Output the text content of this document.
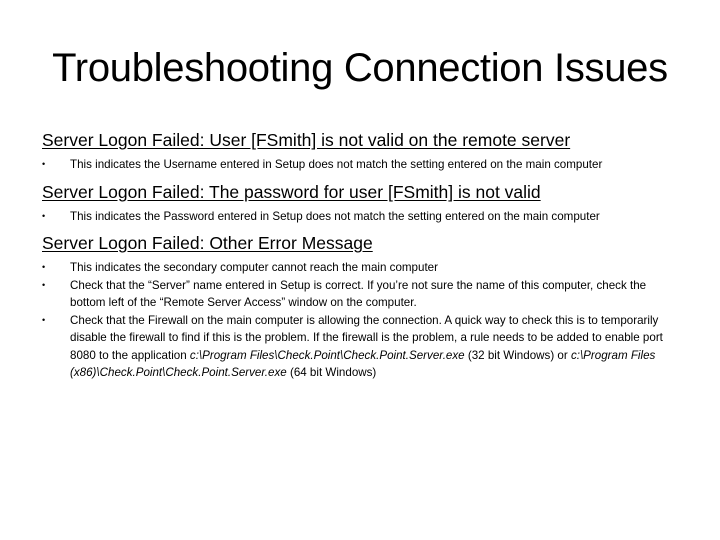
Troubleshooting Connection Issues
Server Logon Failed: User [FSmith] is not valid on the remote server
• This indicates the Username entered in Setup does not match the setting entered on the main computer
Server Logon Failed: The password for user [FSmith] is not valid
• This indicates the Password entered in Setup does not match the setting entered on the main computer
Server Logon Failed: Other Error Message
• This indicates the secondary computer cannot reach the main computer
• Check that the “Server” name entered in Setup is correct. If you’re not sure the name of this computer, check the bottom left of the “Remote Server Access” window on the computer.
• Check that the Firewall on the main computer is allowing the connection. A quick way to check this is to temporarily disable the firewall to find if this is the problem. If the firewall is the problem, a rule needs to be added to enable port 8080 to the application c:\Program Files\Check.Point\Check.Point.Server.exe (32 bit Windows) or c:\Program Files (x86)\Check.Point\Check.Point.Server.exe (64 bit Windows)
